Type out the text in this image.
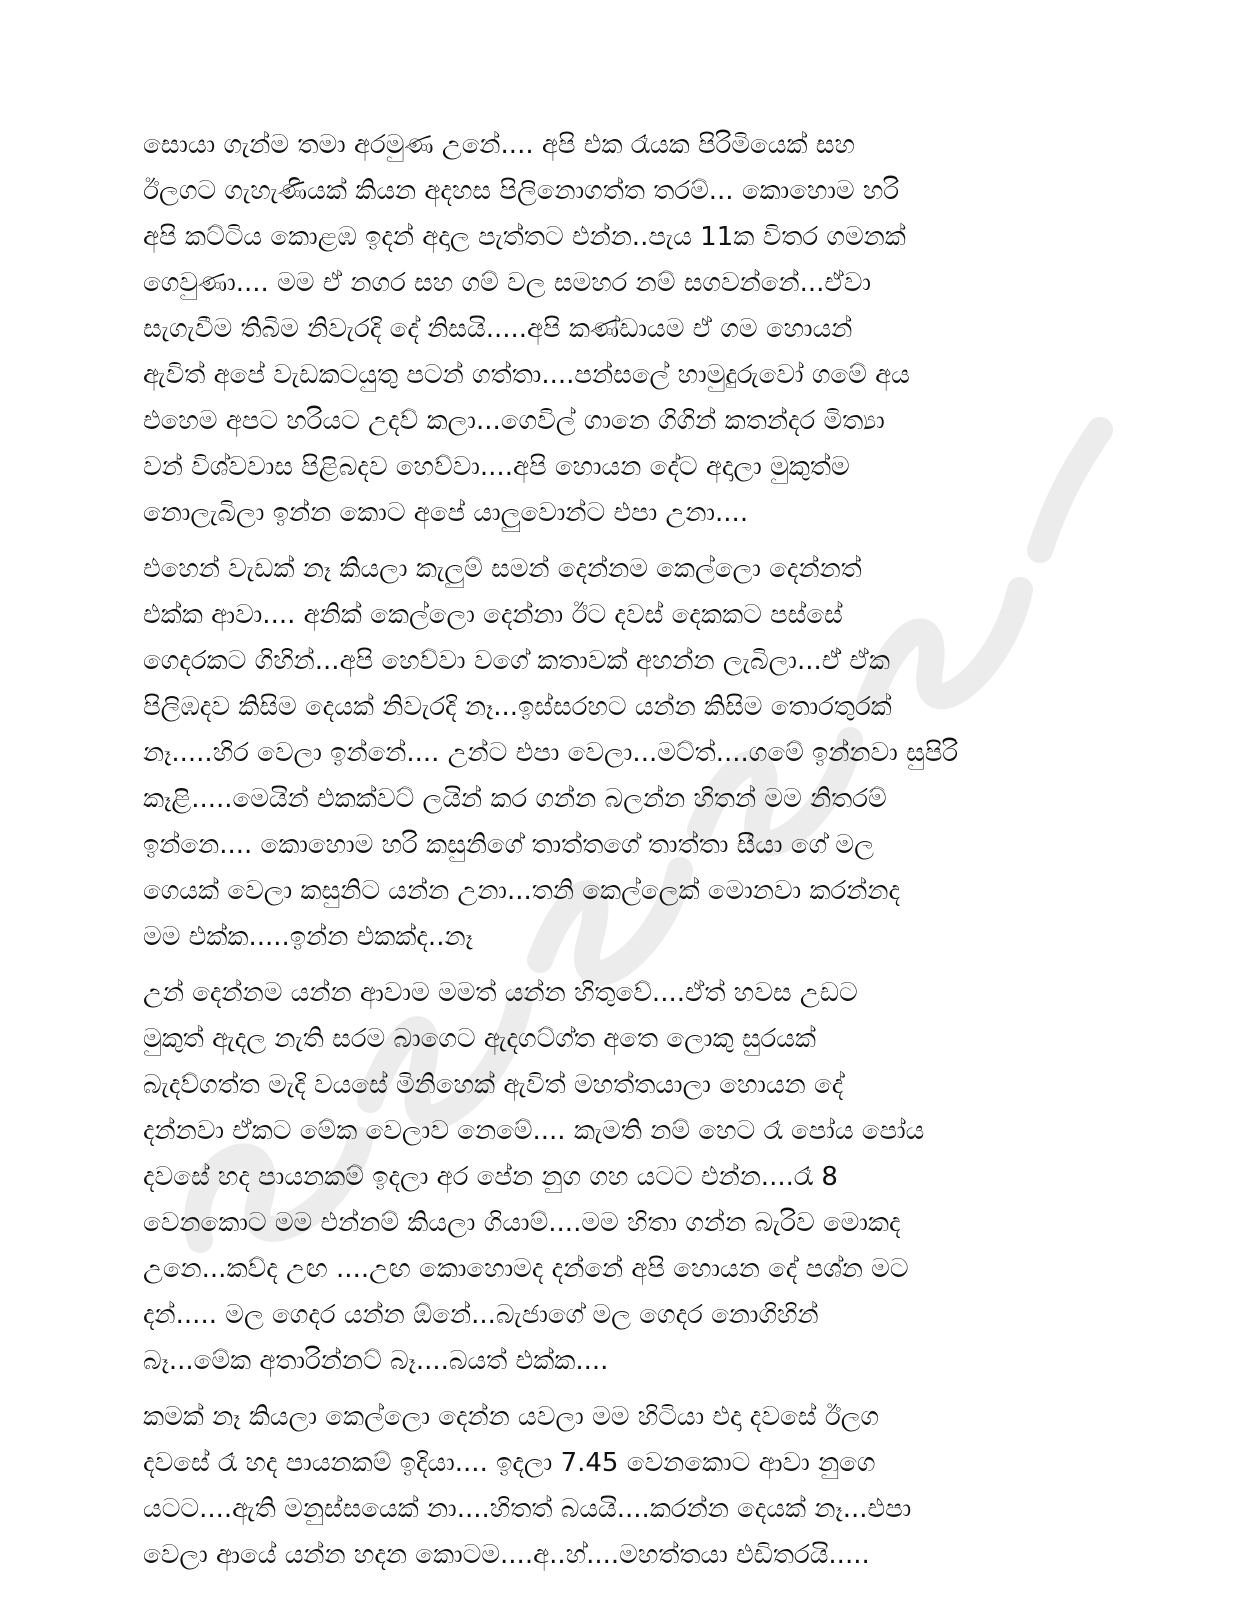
සොයා ගැන්ම තමා අරමුණ උනේ.... අපි එක රෑයක පිරිමියෙක් සහ
ඊලගට ගැහැණියක් කියන අදහස පිලිනොගත්ත තරම්... කොහොම හරි
අපි කට්ටිය කොළඹ ඉදන් අදාල පැත්තට එන්න..පැය 11ක විතර ගමනක්
ගෙවුණා.... මම ඒ නගර සහ ගම් වල සමහර නම් සගවන්නේ...ඒවා
සැගැවීම තිබිම නිවැරදි දේ නිසයි.....අපි කණ්ඩායම ඒ ගම හොයන්
ඇවිත් අපේ වැඩකටයුතු පටන් ගත්තා....පන්සලේ හාමුදුරුවෝ ගමේ අය
එහෙම අපට හරියට උදව් කලා...ගෙවිල් ගානෙ ගිගින් කතන්දර මිත්‍යා
වන් විශ්වවාස පිළිබදව හෙව්වා....අපි හොයන දේට අදාලා මුකුත්ම
නොලැබිලා ඉන්න කොට අපේ යාලුවොන්ට එපා උනා....
එහෙන් වැඩක් නෑ කියලා කැලුම් සමන් දෙන්නම කෙල්ලො දෙන්නත්
එක්ක ආවා.... අනික් කෙල්ලො දෙන්නා ඊට දවස් දෙකකට පස්සේ
ගෙදරකට ගිහින්...අපි හෙව්වා වගේ කතාවක් අහන්න ලැබිලා...ඒ් ඒක
පිලිඹදව කිසිම දෙයක් නිවැරදි නෑ...ඉස්සරහට යන්න කිසිම තොරතුරක්
නෑ.....හිර වෙලා ඉන්නේ.... උන්ට එපා වෙලා...මට්ත්....ගමේ ඉන්නවා සුපිරි
කෑළි.....මෙයින් එකක්වට් ලයින් කර ගන්න බලන්න හිතන් මම නිතරම්
ඉන්නෙ.... කොහොම හරි කසුනිගේ තාත්තගේ තාත්තා සීයා ගේ මල
ගෙයක් වෙලා කසුනිට යන්න උනා...තනි කෙල්ලෙක් මොනවා කරන්නද
මම එක්ක.....ඉන්න එකක්ද..නෑ
උන් දෙන්නම යන්න ආවාම මමත් යන්න හිතුවේ....ඒත් හවස උඩට
මුකුත් ඇදල නැති සරම බාගෙට ඇදගට්ග්ත අතෙ ලොකු සුරයක්
බැදව්ගත්ත මැදි වයසේ මිනිහෙක් ඇවිත් මහත්තයාලා හොයන දේ
දන්නවා ඒකට මේක වෙලාව නෙමේ.... කැමති නම් හෙට රෑ පෝය පෝය
දවසේ හද පායනකම් ඉදලා අර පේන නුග ගහ යටට එන්න....රෑ 8
වෙනකොට මම එන්නම් කියලා ගියාම්....මම හිතා ගන්න බැරිව මොකද
උනෙ...කව්ද උඟ ....උඟ කොහොමද දන්නේ අපි හොයන දේ පශ්න මට
දන්..... මල ගෙදර යන්න ඕනේ...බැජාගේ මල ගෙදර නොගිහින්
බෑ...මේක අතාරින්නට් බෑ....බයත් එක්ක....
කමක් නෑ කියලා කෙල්ලො දෙන්න යවලා මම හිටියා එදා දවසේ ඊලග
දවසේ රෑ හද පායනකම් ඉදියා.... ඉදලා 7.45 වෙනකොට ආවා නුගෙ
යටට....ඇති මනුස්සයෙක් නා....හිතත් බයයි....කරන්න දෙයක් නෑ...එපා
වෙලා ආයේ යන්න හදන කොටම....අ..හ්....මහත්තයා එඩිතරයි.....
